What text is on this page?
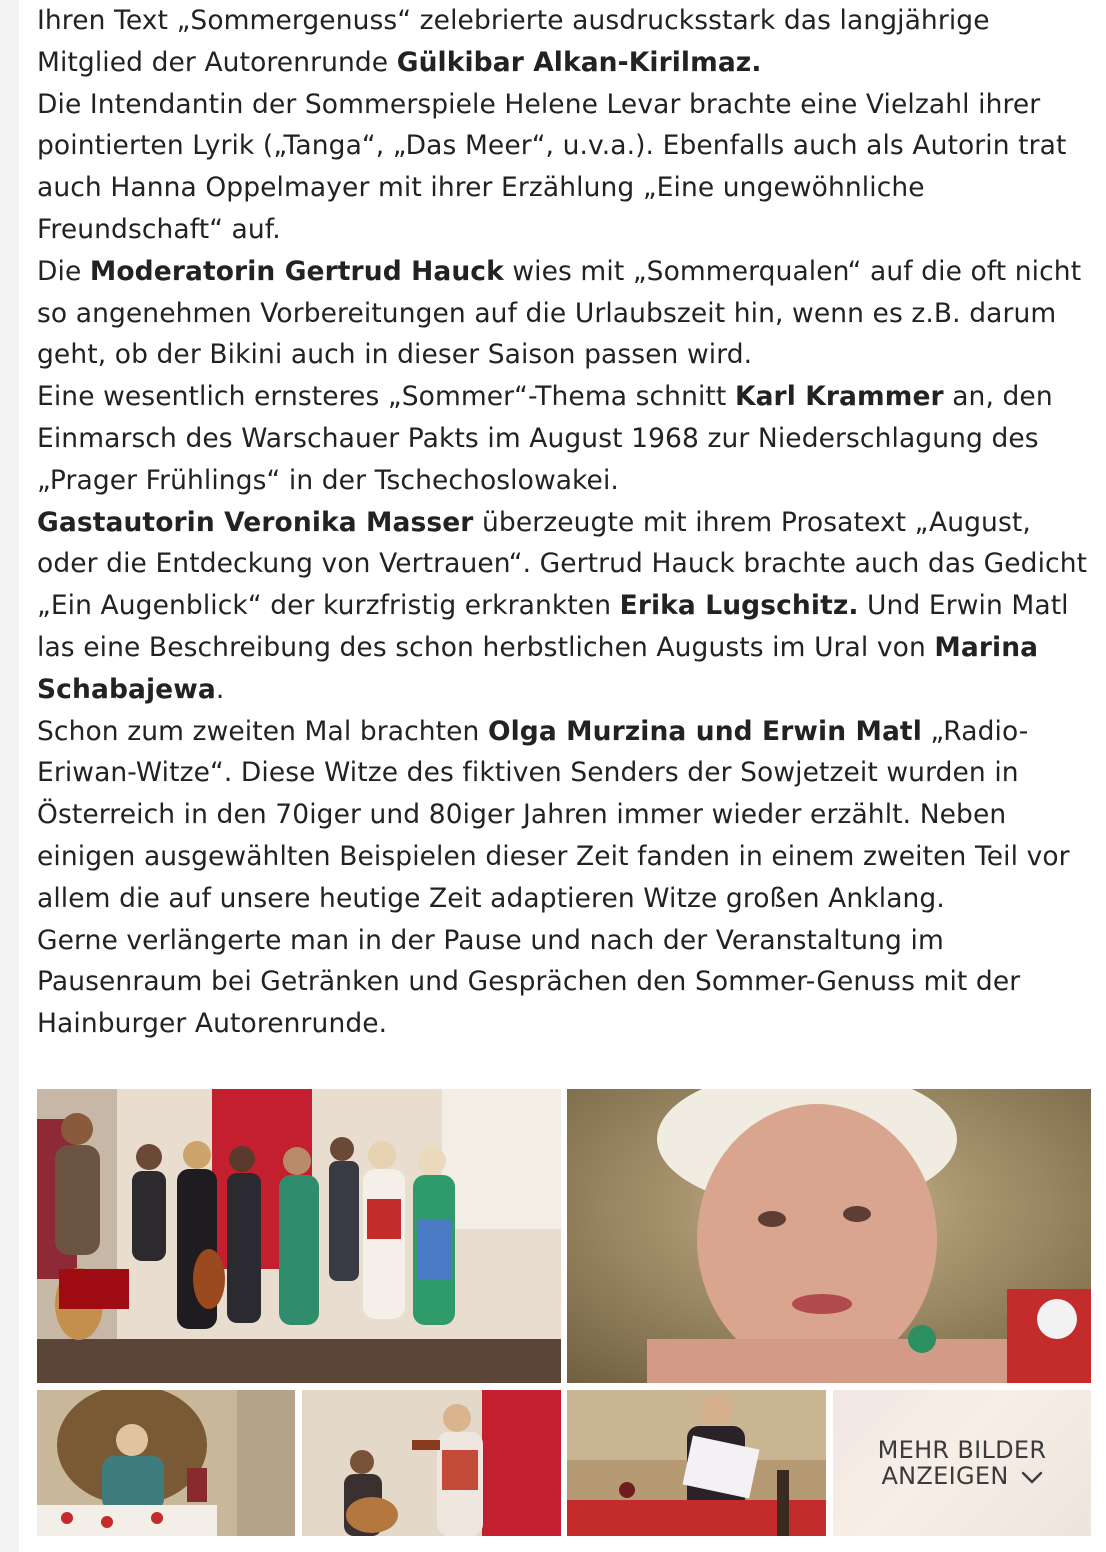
Ihren Text „Sommergenuss“ zelebrierte ausdrucksstark das langjährige Mitglied der Autorenrunde Gülkibar Alkan-Kirilmaz.

Die Intendantin der Sommerspiele Helene Levar brachte eine Vielzahl ihrer pointierten Lyrik („Tanga“, „Das Meer“, u.v.a.). Ebenfalls auch als Autorin trat auch Hanna Oppelmayer mit ihrer Erzählung „Eine ungewöhnliche Freundschaft“ auf.

Die Moderatorin Gertrud Hauck wies mit „Sommerqualen“ auf die oft nicht so angenehmen Vorbereitungen auf die Urlaubszeit hin, wenn es z.B. darum geht, ob der Bikini auch in dieser Saison passen wird.

Eine wesentlich ernsteres „Sommer“-Thema schnitt Karl Krammer an, den Einmarsch des Warschauer Pakts im August 1968 zur Niederschlagung des „Prager Frühlings“ in der Tschechoslowakei.

Gastautorin Veronika Masser überzeugte mit ihrem Prosatext „August, oder die Entdeckung von Vertrauen“. Gertrud Hauck brachte auch das Gedicht „Ein Augenblick“ der kurzfristig erkrankten Erika Lugschitz. Und Erwin Matl las eine Beschreibung des schon herbstlichen Augusts im Ural von Marina Schabajewa.

Schon zum zweiten Mal brachten Olga Murzina und Erwin Matl „Radio-Eriwan-Witze“. Diese Witze des fiktiven Senders der Sowjetzeit wurden in Österreich in den 70iger und 80iger Jahren immer wieder erzählt. Neben einigen ausgewählten Beispielen dieser Zeit fanden in einem zweiten Teil vor allem die auf unsere heutige Zeit adaptieren Witze großen Anklang.

Gerne verlängerte man in der Pause und nach der Veranstaltung im Pausenraum bei Getränken und Gesprächen den Sommer-Genuss mit der Hainburger Autorenrunde.

MEHR BILDER
ANZEIGEN
